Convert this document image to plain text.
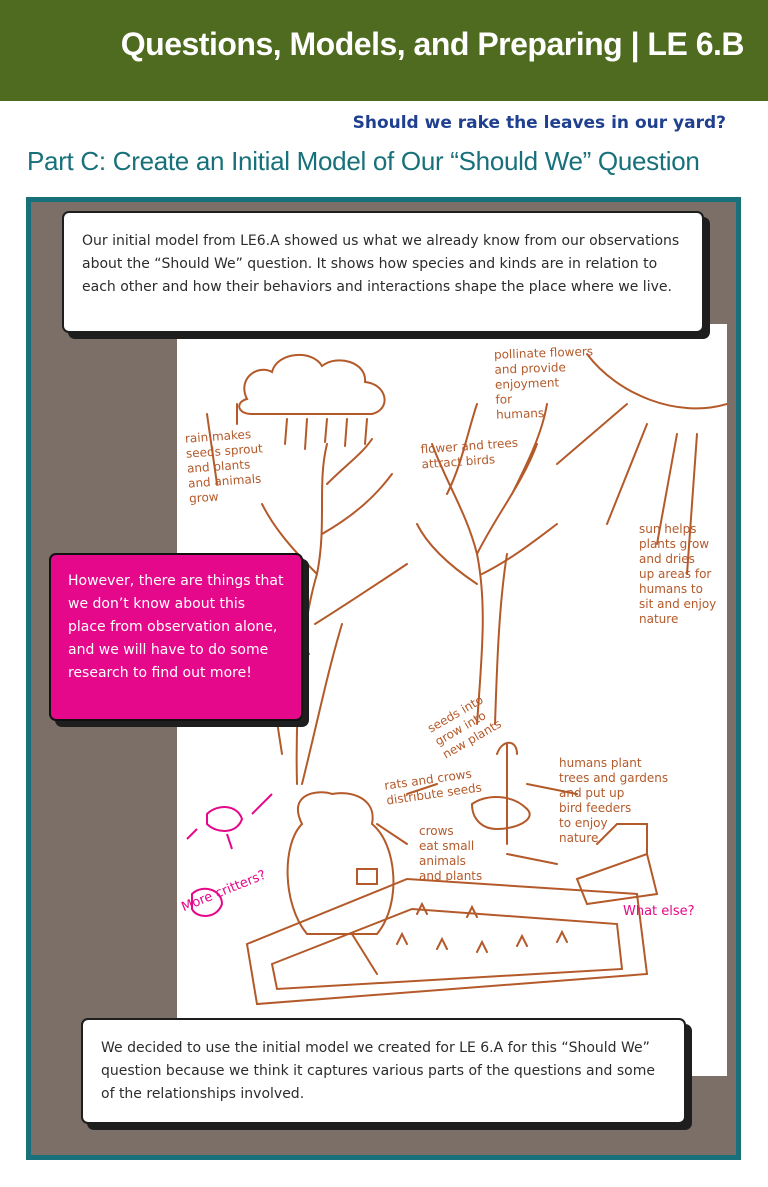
Questions, Models, and Preparing | LE 6.B
Should we rake the leaves in our yard?
Part C: Create an Initial Model of Our “Should We” Question
pollinate flowers
and provide
enjoyment
for
humans
rain makes
seeds sprout
and plants
and animals
grow
flower and trees
attract birds
sun helps
plants grow
and dries
up areas for
humans to
sit and enjoy
nature
seeds into
grow into
new plants
rats and crows
distribute seeds
crows
eat small
animals
and plants
humans plant
trees and gardens
and put up
bird feeders
to enjoy
nature
More critters?	What else?
Our initial model from LE6.A showed us what we already know from our observations about the “Should We” question. It shows how species and kinds are in relation to each other and how their behaviors and interactions shape the place where we live.
However, there are things that we don’t know about this place from observation alone, and we will have to do some research to find out more!
We decided to use the initial model we created for LE 6.A for this “Should We” question because we think it captures various parts of the questions and some of the relationships involved.
